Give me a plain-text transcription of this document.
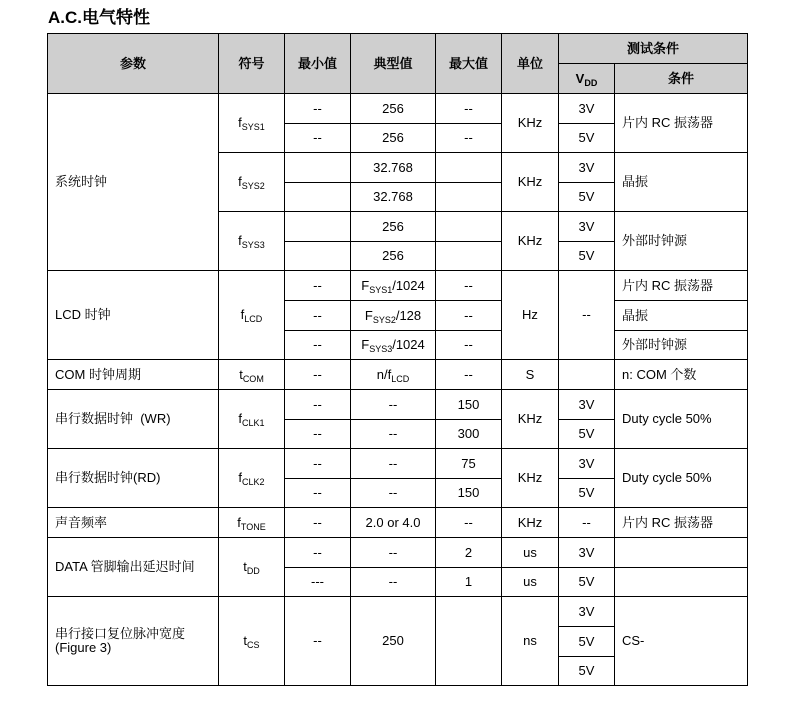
A.C.电气特性
参数	符号	最小值	典型值	最大值	单位	测试条件	
						$V_{DD}$	条件
系统时钟	$f_{SYS1}$	--	256	--	KHz	3V	片内 RC 振荡器
		--	256	--		5V	
	$f_{SYS2}$		32.768		KHz	3V	晶振
			32.768			5V	
	$f_{SYS3}$		256		KHz	3V	外部时钟源
			256			5V	
LCD 时钟	$f_{LCD}$	--	$F_{SYS1}/1024$	--	Hz	--	片内 RC 振荡器
		--	$F_{SYS2}/128$	--			晶振
		--	$F_{SYS3}/1024$	--			外部时钟源
COM 时钟周期	$t_{COM}$	--	$n/f_{LCD}$	--	S		n: COM 个数
串行数据时钟  (WR)	$f_{CLK1}$	--	--	150	KHz	3V	Duty cycle 50%
		--	--	300		5V	
串行数据时钟(RD)	$f_{CLK2}$	--	--	75	KHz	3V	Duty cycle 50%
		--	--	150		5V	
声音频率	$f_{TONE}$	--	2.0 or 4.0	--	KHz	--	片内 RC 振荡器
DATA 管脚输出延迟时间	$t_{DD}$	--	--	2	us	3V	
		---	--	1	us	5V	
串行接口复位脉冲宽度
(Figure 3)	$t_{CS}$	--	250		ns	3V	CS-
						5V	
						5V	
